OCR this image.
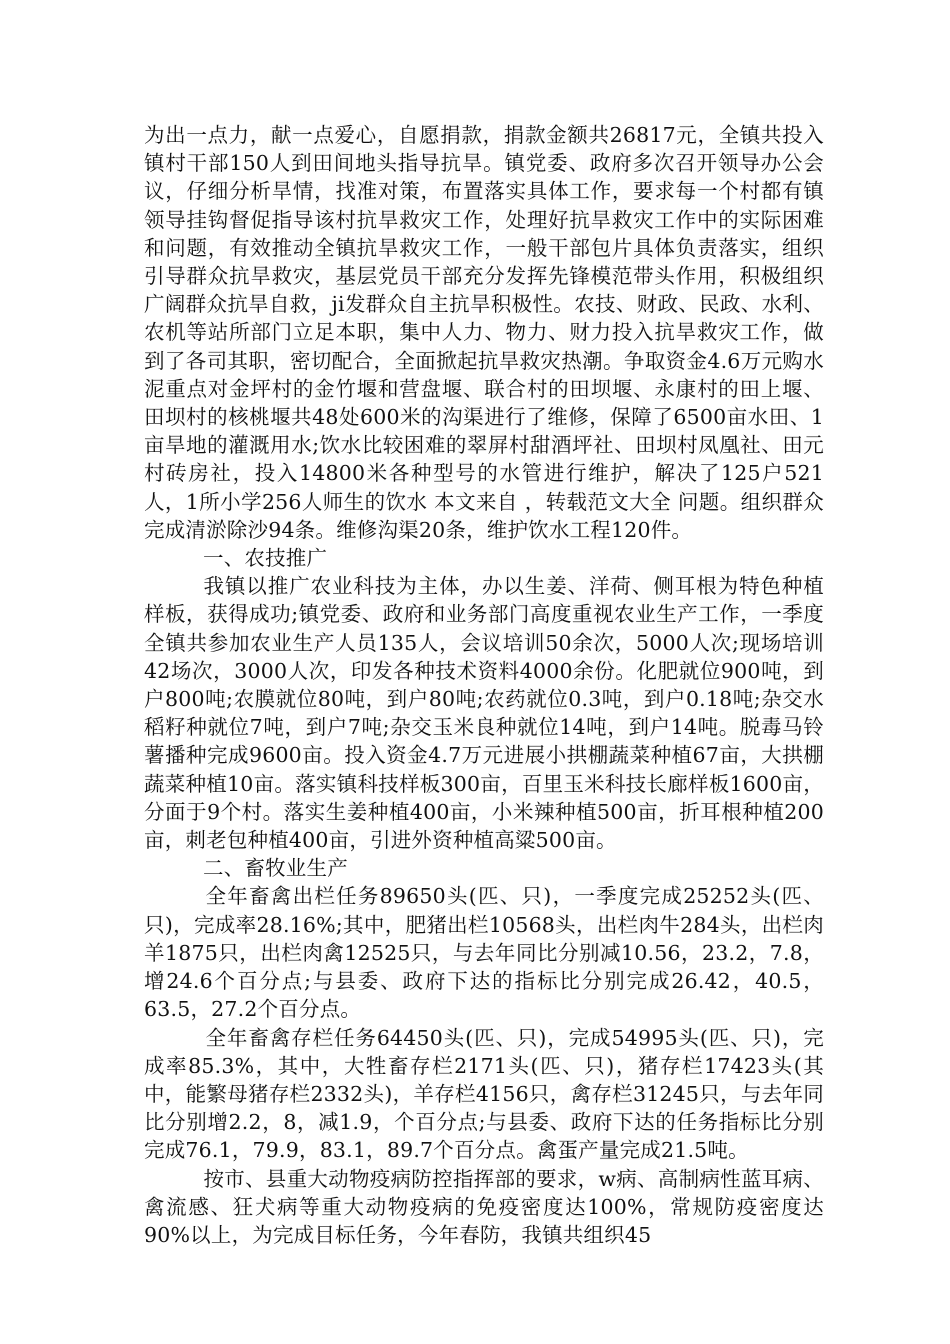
为出一点力，献一点爱心，自愿捐款，捐款金额共26817元，全镇共投入镇村干部150人到田间地头指导抗旱。镇党委、政府多次召开领导办公会议，仔细分析旱情，找准对策，布置落实具体工作，要求每一个村都有镇领导挂钩督促指导该村抗旱救灾工作，处理好抗旱救灾工作中的实际困难和问题，有效推动全镇抗旱救灾工作，一般干部包片具体负责落实，组织引导群众抗旱救灾，基层党员干部充分发挥先锋模范带头作用，积极组织广阔群众抗旱自救，ji发群众自主抗旱积极性。农技、财政、民政、水利、农机等站所部门立足本职，集中人力、物力、财力投入抗旱救灾工作，做到了各司其职，密切配合，全面掀起抗旱救灾热潮。争取资金4.6万元购水泥重点对金坪村的金竹堰和营盘堰、联合村的田坝堰、永康村的田上堰、田坝村的核桃堰共48处600米的沟渠进行了维修，保障了6500亩水田、1亩旱地的灌溉用水;饮水比较困难的翠屏村甜酒坪社、田坝村凤凰社、田元村砖房社，投入14800米各种型号的水管进行维护，解决了125户521人，1所小学256人师生的饮水 本文来自 ，转载范文大全 问题。组织群众完成清淤除沙94条。维修沟渠20条，维护饮水工程120件。

一、农技推广

我镇以推广农业科技为主体，办以生姜、洋荷、侧耳根为特色种植样板，获得成功;镇党委、政府和业务部门高度重视农业生产工作，一季度全镇共参加农业生产人员135人，会议培训50余次，5000人次;现场培训42场次，3000人次，印发各种技术资料4000余份。化肥就位900吨，到户800吨;农膜就位80吨，到户80吨;农药就位0.3吨，到户0.18吨;杂交水稻籽种就位7吨，到户7吨;杂交玉米良种就位14吨，到户14吨。脱毒马铃薯播种完成9600亩。投入资金4.7万元进展小拱棚蔬菜种植67亩，大拱棚蔬菜种植10亩。落实镇科技样板300亩，百里玉米科技长廊样板1600亩，分面于9个村。落实生姜种植400亩，小米辣种植500亩，折耳根种植200亩，刺老包种植400亩，引进外资种植高粱500亩。

二、畜牧业生产

全年畜禽出栏任务89650头(匹、只)，一季度完成25252头(匹、只)，完成率28.16%;其中，肥猪出栏10568头，出栏肉牛284头，出栏肉羊1875只，出栏肉禽12525只，与去年同比分别减10.56，23.2，7.8，增24.6个百分点;与县委、政府下达的指标比分别完成26.42，40.5，63.5，27.2个百分点。

全年畜禽存栏任务64450头(匹、只)，完成54995头(匹、只)，完成率85.3%，其中，大牲畜存栏2171头(匹、只)，猪存栏17423头(其中，能繁母猪存栏2332头)，羊存栏4156只，禽存栏31245只，与去年同比分别增2.2，8，减1.9，个百分点;与县委、政府下达的任务指标比分别完成76.1，79.9，83.1，89.7个百分点。禽蛋产量完成21.5吨。

按市、县重大动物疫病防控指挥部的要求，w病、高制病性蓝耳病、禽流感、狂犬病等重大动物疫病的免疫密度达100%，常规防疫密度达90%以上，为完成目标任务，今年春防，我镇共组织45
